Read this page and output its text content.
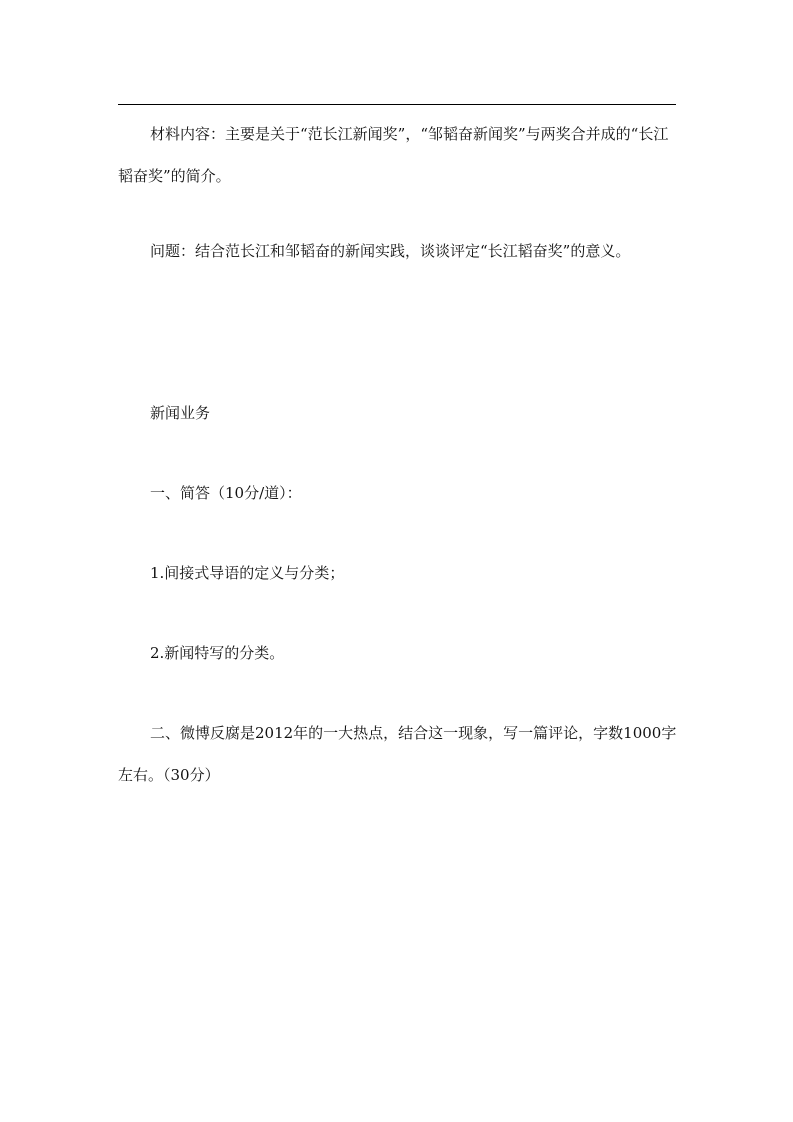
材料内容：主要是关于“范长江新闻奖”，“邹韬奋新闻奖”与两奖合并成的“长江韬奋奖”的简介。

问题：结合范长江和邹韬奋的新闻实践，谈谈评定“长江韬奋奖”的意义。

新闻业务

一、简答（10分/道）：

1.间接式导语的定义与分类；

2.新闻特写的分类。

二、微博反腐是2012年的一大热点，结合这一现象，写一篇评论，字数1000字左右。（30分）
